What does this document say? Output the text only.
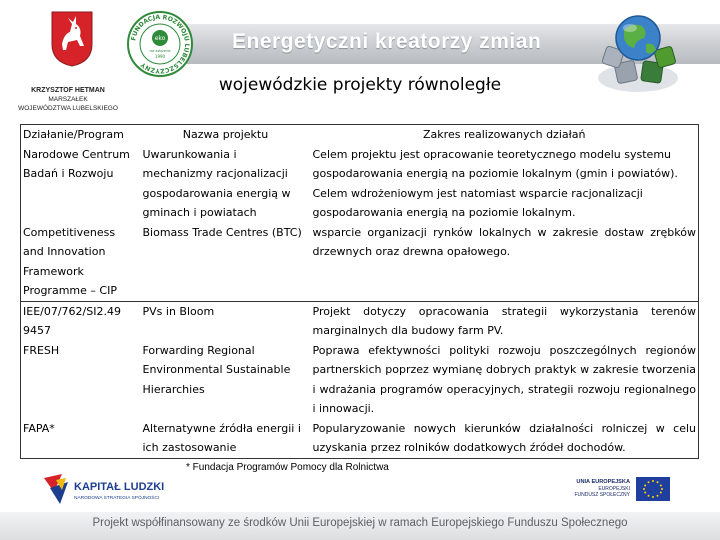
Energetyczni kreatorzy zmian
KRZYSZTOF HETMAN
MARSZAŁEK
WOJEWÓDZTWA LUBELSKIEGO
FUNDACJA ROZWOJU LUBELSZCZYZNY
eko
rok założenia
1990
wojewódzkie projekty równoległe
Działanie/Program	Nazwa projektu	Zakres realizowanych działań
Narodowe Centrum Badań i Rozwoju	Uwarunkowania i mechanizmy racjonalizacji gospodarowania energią w gminach i powiatach	Celem projektu jest opracowanie teoretycznego modelu systemu gospodarowania energią na poziomie lokalnym (gmin i powiatów). Celem wdrożeniowym jest natomiast wsparcie racjonalizacji gospodarowania energią na poziomie lokalnym.
Competitiveness and Innovation Framework Programme – CIP	Biomass Trade Centres (BTC)	wsparcie organizacji rynków lokalnych w zakresie dostaw zrębków drzewnych oraz drewna opałowego.
IEE/07/762/SI2.49 9457	PVs in Bloom	Projekt dotyczy opracowania strategii wykorzystania terenów marginalnych dla budowy farm PV.
FRESH	Forwarding Regional Environmental Sustainable Hierarchies	Poprawa efektywności polityki rozwoju poszczególnych regionów partnerskich poprzez wymianę dobrych praktyk w zakresie tworzenia i wdrażania programów operacyjnych, strategii rozwoju regionalnego i innowacji.
FAPA*	Alternatywne źródła energii i ich zastosowanie	Popularyzowanie nowych kierunków działalności rolniczej w celu uzyskania przez rolników dodatkowych źródeł dochodów.
* Fundacja Programów Pomocy dla Rolnictwa
KAPITAŁ LUDZKI
NARODOWA STRATEGIA SPÓJNOŚCI
UNIA EUROPEJSKA
EUROPEJSKI
FUNDUSZ SPOŁECZNY
Projekt współfinansowany ze środków Unii Europejskiej w ramach Europejskiego Funduszu Społecznego
